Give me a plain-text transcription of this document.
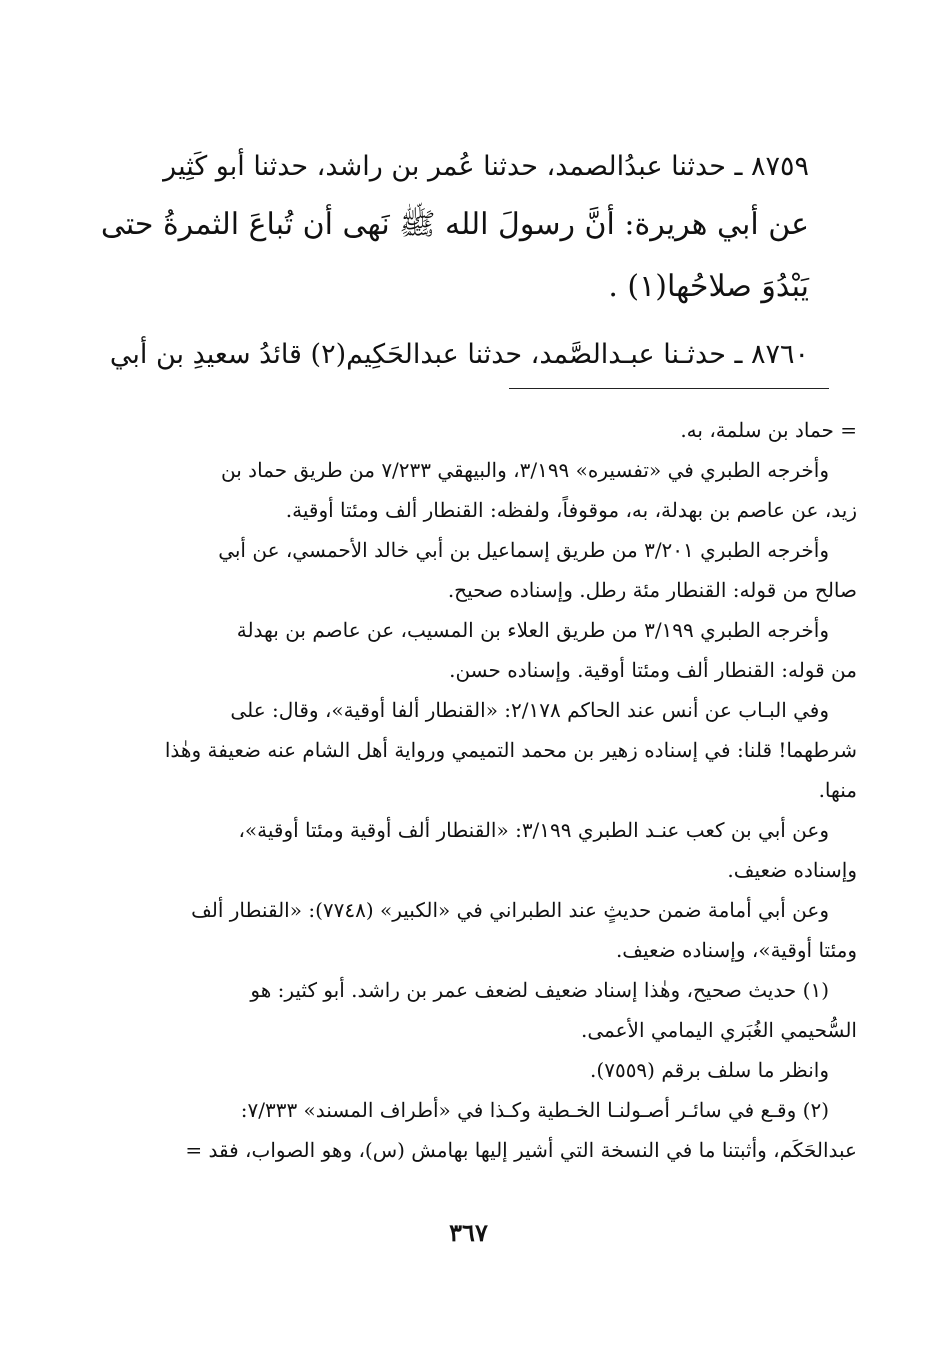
٨٧٥٩ ـ حدثنا عبدُالصمد، حدثنا عُمر بن راشد، حدثنا أبو كَثِير
عن أبي هريرة: أنَّ رسولَ الله ﷺ نَهى أن تُباعَ الثمرةُ حتى
يَبْدُوَ صلاحُها(١) .
٨٧٦٠ ـ حدثـنا عبـدالصَّمد، حدثنا عبدالحَكِيم(٢) قائدُ سعيدِ بن أبي
= حماد بن سلمة، به.
وأخرجه الطبري في «تفسيره» ٣/١٩٩، والبيهقي ٧/٢٣٣ من طريق حماد بن
زيد، عن عاصم بن بهدلة، به، موقوفاً، ولفظه: القنطار ألف ومئتا أوقية.
وأخرجه الطبري ٣/٢٠١ من طريق إسماعيل بن أبي خالد الأحمسي، عن أبي
صالح من قوله: القنطار مئة رطل. وإسناده صحيح.
وأخرجه الطبري ٣/١٩٩ من طريق العلاء بن المسيب، عن عاصم بن بهدلة
من قوله: القنطار ألف ومئتا أوقية. وإسناده حسن.
وفي البـاب عن أنس عند الحاكم ٢/١٧٨: «القنطار ألفا أوقية»، وقال: على
شرطهما! قلنا: في إسناده زهير بن محمد التميمي ورواية أهل الشام عنه ضعيفة وهٰذا
منها.
وعن أبي بن كعب عنـد الطبري ٣/١٩٩: «القنطار ألف أوقية ومئتا أوقية»،
وإسناده ضعيف.
وعن أبي أمامة ضمن حديثٍ عند الطبراني في «الكبير» (٧٧٤٨): «القنطار ألف
ومئتا أوقية»، وإسناده ضعيف.
(١) حديث صحيح، وهٰذا إسناد ضعيف لضعف عمر بن راشد. أبو كثير: هو
السُّحيمي الغُبَري اليمامي الأعمى.
وانظر ما سلف برقم (٧٥٥٩).
(٢) وقـع في سائـر أصـولنـا الخـطية وكـذا في «أطراف المسند» ٧/٣٣٣:
عبدالحَكَم، وأثبتنا ما في النسخة التي أشير إليها بهامش (س)، وهو الصواب، فقد =
٣٦٧
